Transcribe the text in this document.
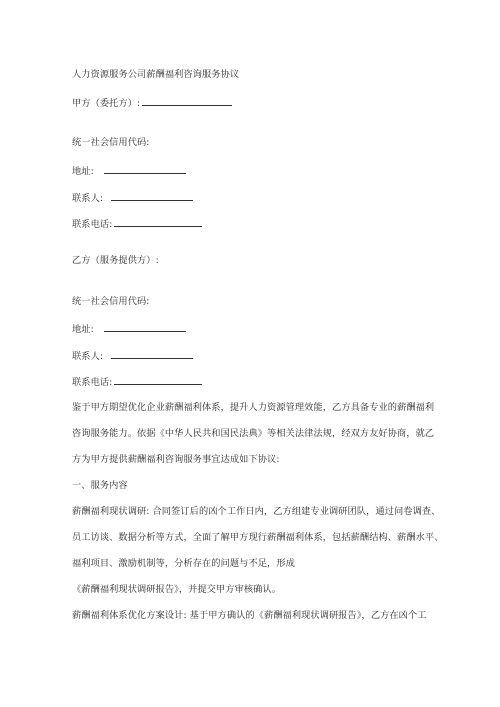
人力资源服务公司薪酬福利咨询服务协议
甲方（委托方）:
统一社会信用代码:
地址:
联系人:
联系电话:
乙方（服务提供方）:
统一社会信用代码:
地址:
联系人:
联系电话:
鉴于甲方期望优化企业薪酬福利体系，提升人力资源管理效能，乙方具备专业的薪酬福利
咨询服务能力。依据《中华人民共和国民法典》等相关法律法规，经双方友好协商，就乙
方为甲方提供薪酬福利咨询服务事宜达成如下协议:
一、服务内容
薪酬福利现状调研: 合同签订后的凶个工作日内，乙方组建专业调研团队，通过问卷调查、
员工访谈、数据分析等方式，全面了解甲方现行薪酬福利体系，包括薪酬结构、薪酬水平、
福利项目、激励机制等，分析存在的问题与不足，形成
《薪酬福利现状调研报告》，并提交甲方审核确认。
薪酬福利体系优化方案设计: 基于甲方确认的《薪酬福利现状调研报告》，乙方在凶个工
